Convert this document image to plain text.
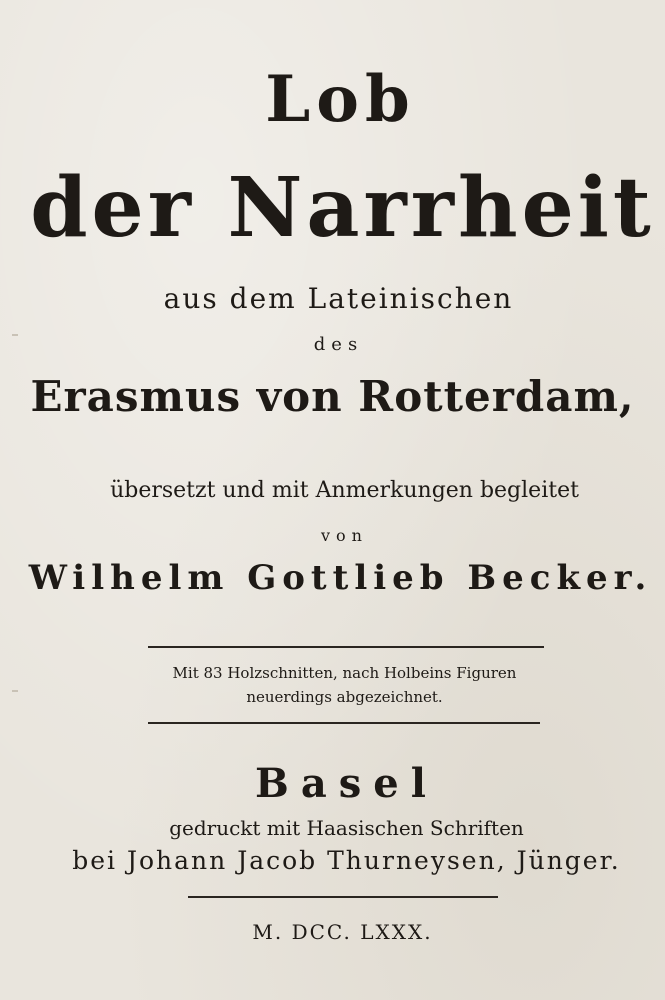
Lob
der Narrheit
aus dem Lateinischen
des
Erasmus von Rotterdam,
übersetzt und mit Anmerkungen begleitet
von
Wilhelm Gottlieb Becker.
Mit 83 Holzschnitten, nach Holbeins Figuren
neuerdings abgezeichnet.
Basel
gedruckt mit Haasischen Schriften
bei Johann Jacob Thurneysen, Jünger.
M. DCC. LXXX.
